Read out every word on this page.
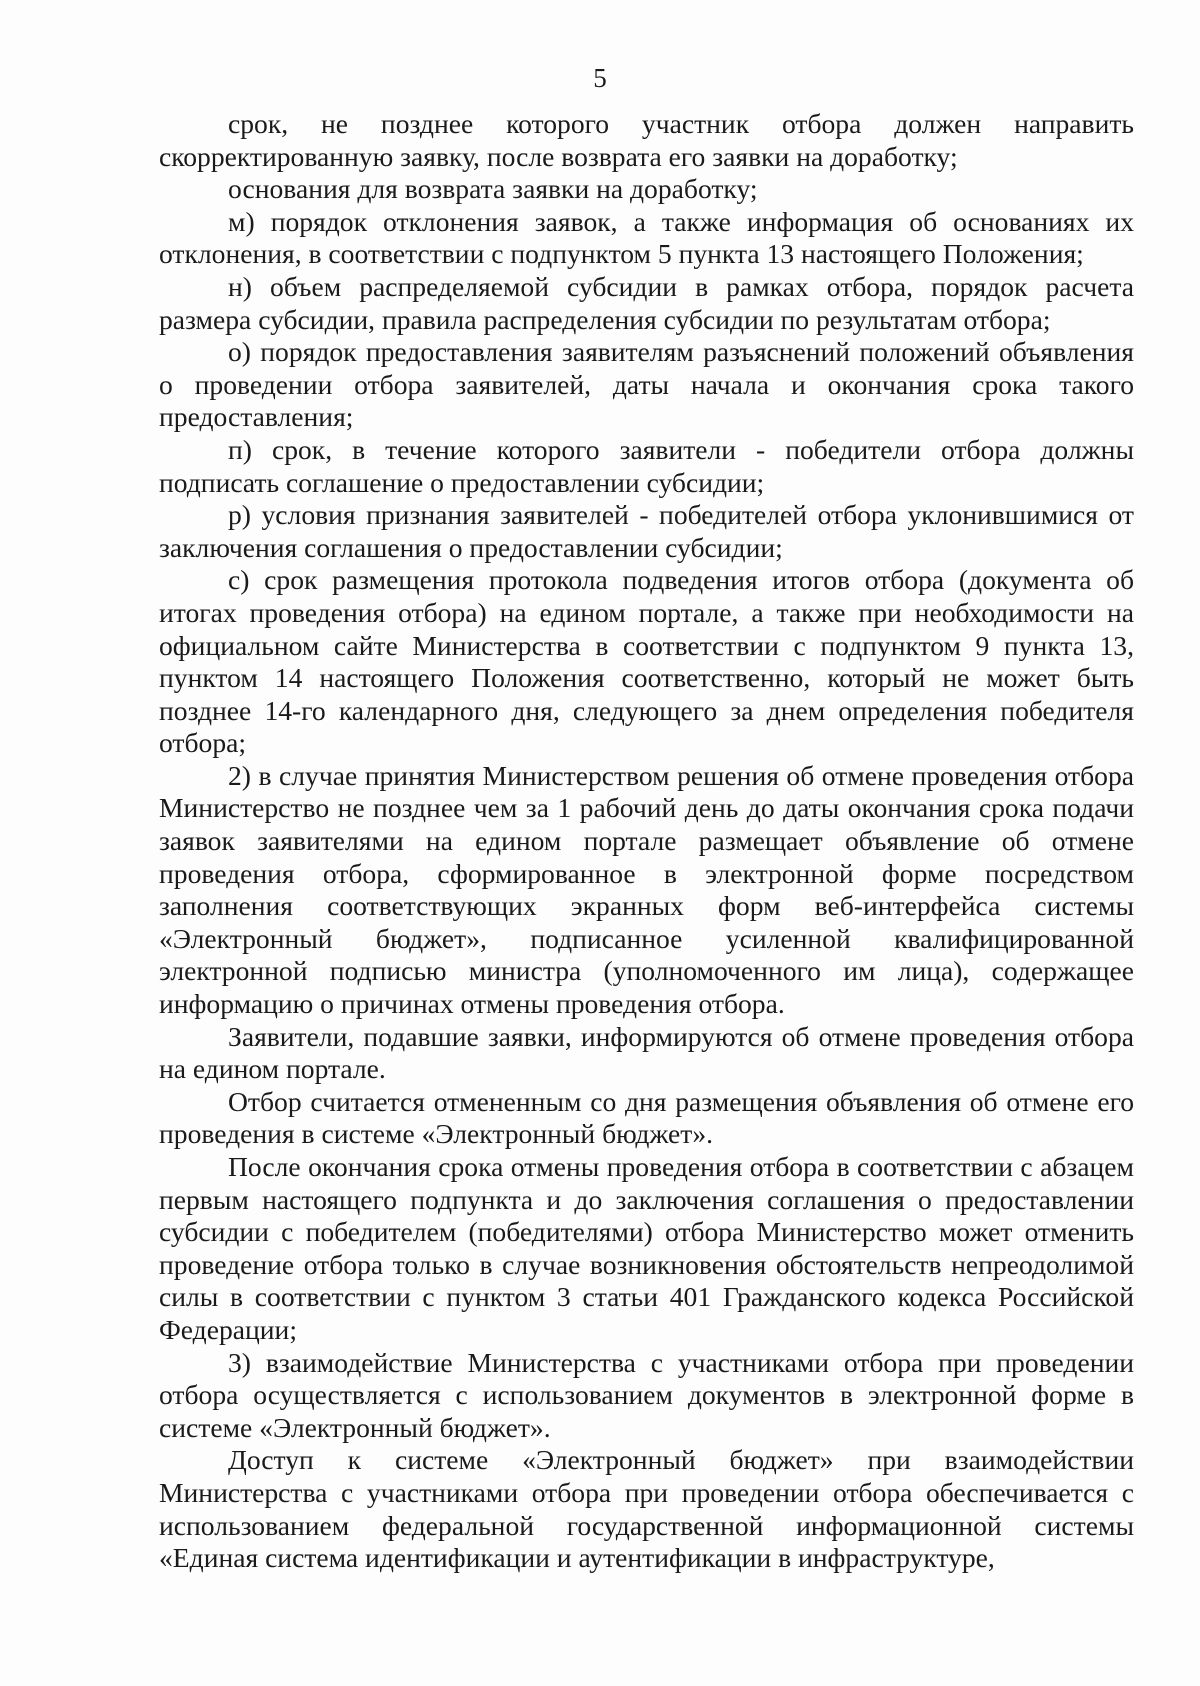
5

срок, не позднее которого участник отбора должен направить скорректированную заявку, после возврата его заявки на доработку;

основания для возврата заявки на доработку;

м) порядок отклонения заявок, а также информация об основаниях их отклонения, в соответствии с подпунктом 5 пункта 13 настоящего Положения;

н) объем распределяемой субсидии в рамках отбора, порядок расчета размера субсидии, правила распределения субсидии по результатам отбора;

о) порядок предоставления заявителям разъяснений положений объявления о проведении отбора заявителей, даты начала и окончания срока такого предоставления;

п) срок, в течение которого заявители - победители отбора должны подписать соглашение о предоставлении субсидии;

р) условия признания заявителей - победителей отбора уклонившимися от заключения соглашения о предоставлении субсидии;

с) срок размещения протокола подведения итогов отбора (документа об итогах проведения отбора) на едином портале, а также при необходимости на официальном сайте Министерства в соответствии с подпунктом 9 пункта 13, пунктом 14 настоящего Положения соответственно, который не может быть позднее 14-го календарного дня, следующего за днем определения победителя отбора;

2) в случае принятия Министерством решения об отмене проведения отбора Министерство не позднее чем за 1 рабочий день до даты окончания срока подачи заявок заявителями на едином портале размещает объявление об отмене проведения отбора, сформированное в электронной форме посредством заполнения соответствующих экранных форм веб-интерфейса системы «Электронный бюджет», подписанное усиленной квалифицированной электронной подписью министра (уполномоченного им лица), содержащее информацию о причинах отмены проведения отбора.

Заявители, подавшие заявки, информируются об отмене проведения отбора на едином портале.

Отбор считается отмененным со дня размещения объявления об отмене его проведения в системе «Электронный бюджет».

После окончания срока отмены проведения отбора в соответствии с абзацем первым настоящего подпункта и до заключения соглашения о предоставлении субсидии с победителем (победителями) отбора Министерство может отменить проведение отбора только в случае возникновения обстоятельств непреодолимой силы в соответствии с пунктом 3 статьи 401 Гражданского кодекса Российской Федерации;

3) взаимодействие Министерства с участниками отбора при проведении отбора осуществляется с использованием документов в электронной форме в системе «Электронный бюджет».

Доступ к системе «Электронный бюджет» при взаимодействии Министерства с участниками отбора при проведении отбора обеспечивается с использованием федеральной государственной информационной системы «Единая система идентификации и аутентификации в инфраструктуре,
